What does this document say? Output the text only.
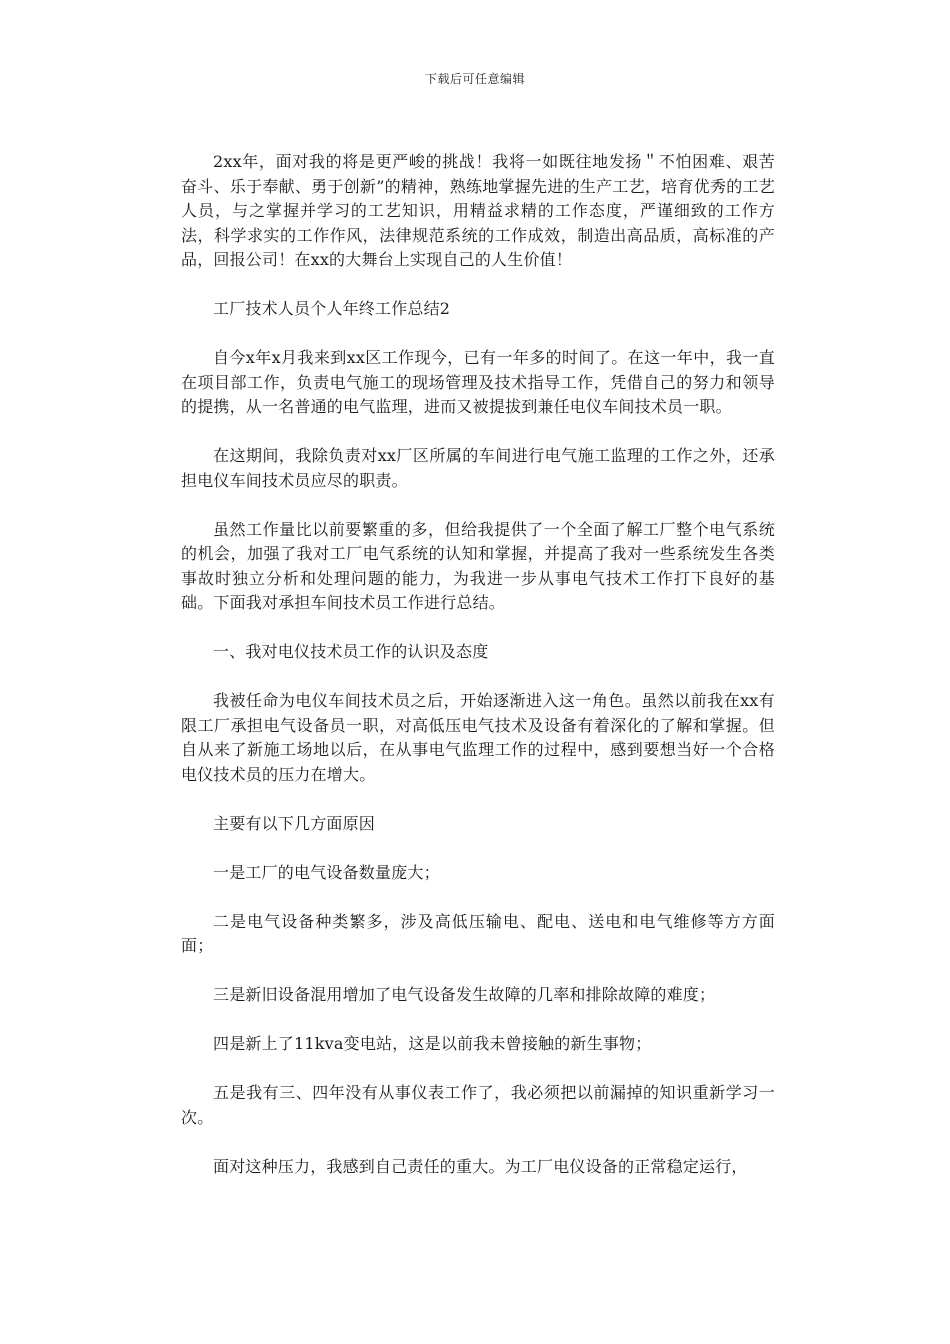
下载后可任意编辑

2xx年，面对我的将是更严峻的挑战！我将一如既往地发扬＂不怕困难、艰苦奋斗、乐于奉献、勇于创新”的精神，熟练地掌握先进的生产工艺，培育优秀的工艺人员，与之掌握并学习的工艺知识，用精益求精的工作态度，严谨细致的工作方法，科学求实的工作作风，法律规范系统的工作成效，制造出高品质，高标准的产品，回报公司！在xx的大舞台上实现自己的人生价值！

工厂技术人员个人年终工作总结2

自今x年x月我来到xx区工作现今，已有一年多的时间了。在这一年中，我一直在项目部工作，负责电气施工的现场管理及技术指导工作，凭借自己的努力和领导的提携，从一名普通的电气监理，进而又被提拔到兼任电仪车间技术员一职。

在这期间，我除负责对xx厂区所属的车间进行电气施工监理的工作之外，还承担电仪车间技术员应尽的职责。

虽然工作量比以前要繁重的多，但给我提供了一个全面了解工厂整个电气系统的机会，加强了我对工厂电气系统的认知和掌握，并提高了我对一些系统发生各类事故时独立分析和处理问题的能力，为我进一步从事电气技术工作打下良好的基础。下面我对承担车间技术员工作进行总结。

一、我对电仪技术员工作的认识及态度

我被任命为电仪车间技术员之后，开始逐渐进入这一角色。虽然以前我在xx有限工厂承担电气设备员一职，对高低压电气技术及设备有着深化的了解和掌握。但自从来了新施工场地以后，在从事电气监理工作的过程中，感到要想当好一个合格电仪技术员的压力在增大。

主要有以下几方面原因

一是工厂的电气设备数量庞大；

二是电气设备种类繁多，涉及高低压输电、配电、送电和电气维修等方方面面；

三是新旧设备混用增加了电气设备发生故障的几率和排除故障的难度；

四是新上了11kva变电站，这是以前我未曾接触的新生事物；

五是我有三、四年没有从事仪表工作了，我必须把以前漏掉的知识重新学习一次。

面对这种压力，我感到自己责任的重大。为工厂电仪设备的正常稳定运行，
